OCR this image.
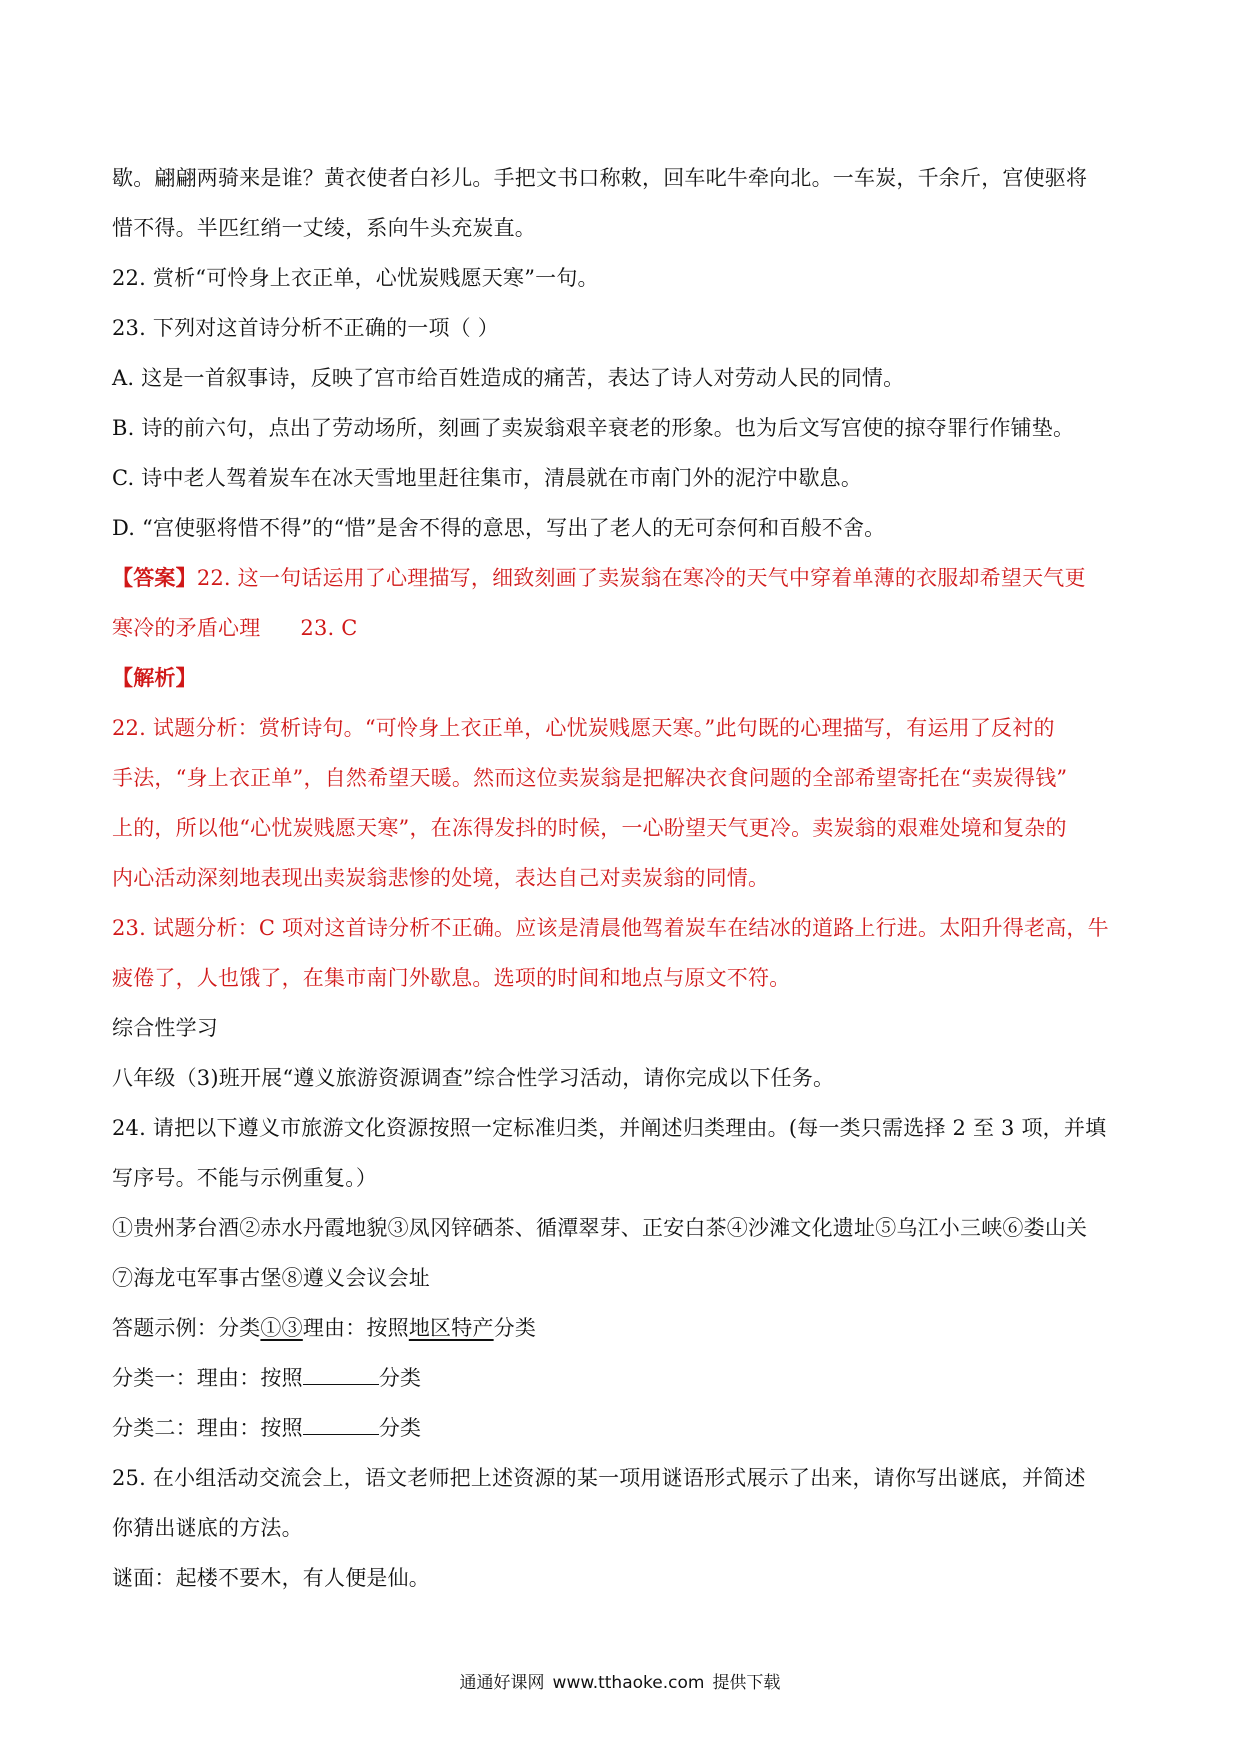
歇。翩翩两骑来是谁？黄衣使者白衫儿。手把文书口称敕，回车叱牛牵向北。一车炭，千余斤，宫使驱将
惜不得。半匹红绡一丈绫，系向牛头充炭直。
22. 赏析“可怜身上衣正单，心忧炭贱愿天寒”一句。
23. 下列对这首诗分析不正确的一项（ ）
A. 这是一首叙事诗，反映了宫市给百姓造成的痛苦，表达了诗人对劳动人民的同情。
B. 诗的前六句，点出了劳动场所，刻画了卖炭翁艰辛衰老的形象。也为后文写宫使的掠夺罪行作铺垫。
C. 诗中老人驾着炭车在冰天雪地里赶往集市，清晨就在市南门外的泥泞中歇息。
D. “宫使驱将惜不得”的“惜”是舍不得的意思，写出了老人的无可奈何和百般不舍。
【答案】22. 这一句话运用了心理描写，细致刻画了卖炭翁在寒冷的天气中穿着单薄的衣服却希望天气更
寒冷的矛盾心理 23. C
【解析】
22. 试题分析：赏析诗句。“可怜身上衣正单，心忧炭贱愿天寒。”此句既的心理描写，有运用了反衬的
手法，“身上衣正单”，自然希望天暖。然而这位卖炭翁是把解决衣食问题的全部希望寄托在“卖炭得钱”
上的，所以他“心忧炭贱愿天寒”，在冻得发抖的时候，一心盼望天气更冷。卖炭翁的艰难处境和复杂的
内心活动深刻地表现出卖炭翁悲惨的处境，表达自己对卖炭翁的同情。
23. 试题分析：C 项对这首诗分析不正确。应该是清晨他驾着炭车在结冰的道路上行进。太阳升得老高，牛
疲倦了，人也饿了，在集市南门外歇息。选项的时间和地点与原文不符。
综合性学习
八年级（3)班开展“遵义旅游资源调查”综合性学习活动，请你完成以下任务。
24. 请把以下遵义市旅游文化资源按照一定标准归类，并阐述归类理由。(每一类只需选择 2 至 3 项，并填
写序号。不能与示例重复。）
①贵州茅台酒②赤水丹霞地貌③凤冈锌硒茶、循潭翠芽、正安白茶④沙滩文化遗址⑤乌江小三峡⑥娄山关
⑦海龙屯军事古堡⑧遵义会议会址
答题示例：分类①③理由：按照地区特产分类
分类一：理由：按照	分类
分类二：理由：按照	分类
25. 在小组活动交流会上，语文老师把上述资源的某一项用谜语形式展示了出来，请你写出谜底，并简述
你猜出谜底的方法。
谜面：起楼不要木，有人便是仙。
通通好课网 www.tthaoke.com 提供下载
